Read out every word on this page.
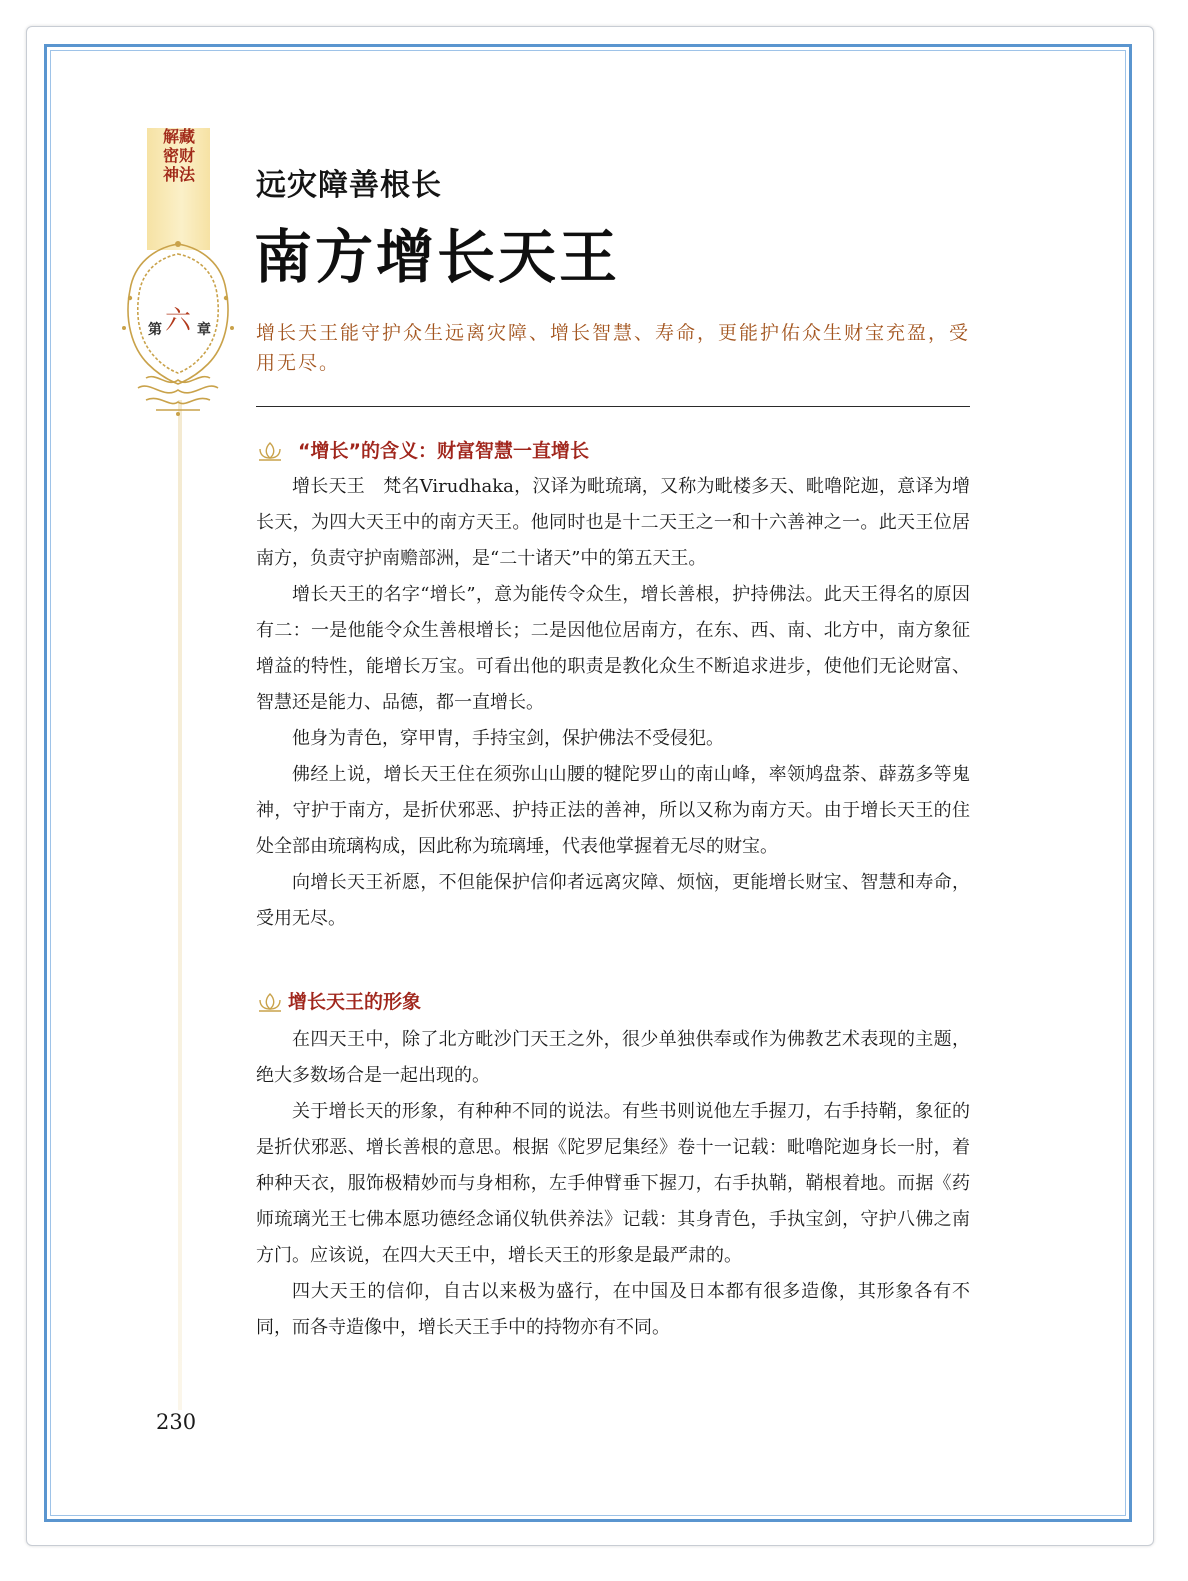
解藏密财神法
第 六 章
远灾障善根长
南方增长天王
增长天王能守护众生远离灾障、增长智慧、寿命，更能护佑众生财宝充盈，受用无尽。
“增长”的含义：财富智慧一直增长

增长天王　梵名Virudhaka，汉译为毗琉璃，又称为毗楼多天、毗噜陀迦，意译为增长天，为四大天王中的南方天王。他同时也是十二天王之一和十六善神之一。此天王位居南方，负责守护南赡部洲，是“二十诸天”中的第五天王。

增长天王的名字“增长”，意为能传令众生，增长善根，护持佛法。此天王得名的原因有二：一是他能令众生善根增长；二是因他位居南方，在东、西、南、北方中，南方象征增益的特性，能增长万宝。可看出他的职责是教化众生不断追求进步，使他们无论财富、智慧还是能力、品德，都一直增长。

他身为青色，穿甲胄，手持宝剑，保护佛法不受侵犯。

佛经上说，增长天王住在须弥山山腰的犍陀罗山的南山峰，率领鸠盘荼、薜荔多等鬼神，守护于南方，是折伏邪恶、护持正法的善神，所以又称为南方天。由于增长天王的住处全部由琉璃构成，因此称为琉璃埵，代表他掌握着无尽的财宝。

向增长天王祈愿，不但能保护信仰者远离灾障、烦恼，更能增长财宝、智慧和寿命，受用无尽。

增长天王的形象

在四天王中，除了北方毗沙门天王之外，很少单独供奉或作为佛教艺术表现的主题，绝大多数场合是一起出现的。

关于增长天的形象，有种种不同的说法。有些书则说他左手握刀，右手持鞘，象征的是折伏邪恶、增长善根的意思。根据《陀罗尼集经》卷十一记载：毗噜陀迦身长一肘，着种种天衣，服饰极精妙而与身相称，左手伸臂垂下握刀，右手执鞘，鞘根着地。而据《药师琉璃光王七佛本愿功德经念诵仪轨供养法》记载：其身青色，手执宝剑，守护八佛之南方门。应该说，在四大天王中，增长天王的形象是最严肃的。

四大天王的信仰，自古以来极为盛行，在中国及日本都有很多造像，其形象各有不同，而各寺造像中，增长天王手中的持物亦有不同。

230
